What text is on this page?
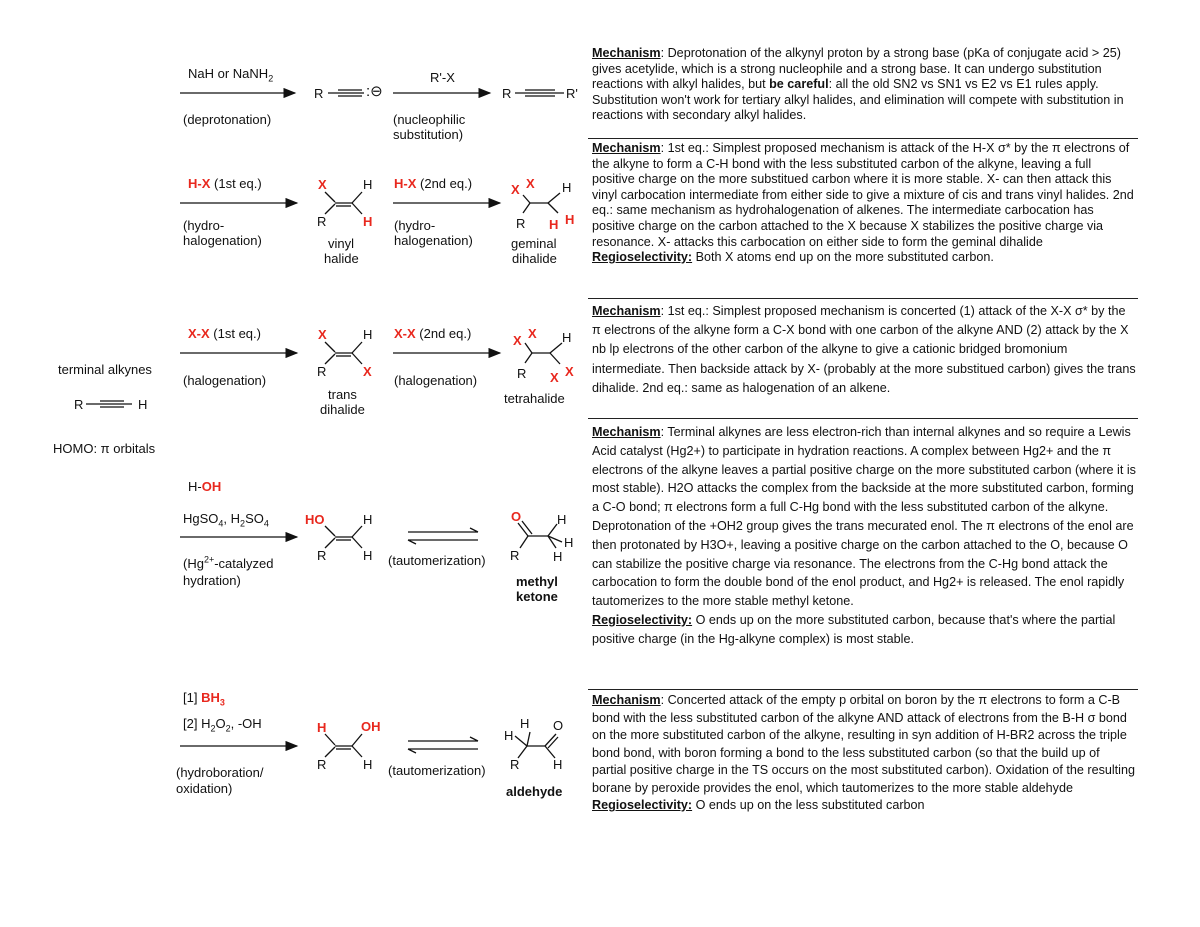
terminal alkynes
R	H
HOMO: π orbitals
NaH or NaNH$_2$
(deprotonation)
R'-X
(nucleophilic substitution)
R	:⊖	R	R'
H-X (1st eq.)
(hydro-
halogenation)
H-X (2nd eq.)
(hydro-
halogenation)
X	H
R	H
vinyl
halide
X X H
R H H
geminal
dihalide
X-X (1st eq.)
(halogenation)
X-X (2nd eq.)
(halogenation)
X	H
R	X
trans
dihalide
X X H
R X X
tetrahalide
H-OH
HgSO$_4$, $H_2SO_4$
($Hg^{2+}$-catalyzed
hydration)
HO	H
R	H (tautomerization)
O	H
H
R	H
methyl
ketone
[1] $BH_3$
[2] $H_2O_2$, -OH
(hydroboration/
oxidation)
H	OH
R	H (tautomerization)
H
H
O
R	H
aldehyde
Mechanism: Deprotonation of the alkynyl proton by a strong base (pKa of conjugate acid > 25) gives acetylide, which is a strong nucleophile and a strong base. It can undergo substitution reactions with alkyl halides, but be careful: all the old SN2 vs SN1 vs E2 vs E1 rules apply. Substitution won't work for tertiary alkyl halides, and elimination will compete with substitution in reactions with secondary alkyl halides.
Mechanism: 1st eq.: Simplest proposed mechanism is attack of the H-X σ* by the π electrons of the alkyne to form a C-H bond with the less substituted carbon of the alkyne, leaving a full positive charge on the more substitued carbon where it is more stable. X- can then attack this vinyl carbocation intermediate from either side to give a mixture of cis and trans vinyl halides. 2nd eq.: same mechanism as hydrohalogenation of alkenes. The intermediate carbocation has positive charge on the carbon attached to the X because X stabilizes the positive charge via resonance. X- attacks this carbocation on either side to form the geminal dihalide
Regioselectivity: Both X atoms end up on the more substituted carbon.
Mechanism: 1st eq.: Simplest proposed mechanism is concerted (1) attack of the X-X σ* by the π electrons of the alkyne form a C-X bond with one carbon of the alkyne AND (2) attack by the X nb lp electrons of the other carbon of the alkyne to give a cationic bridged bromonium intermediate. Then backside attack by X- (probably at the more substitued carbon) gives the trans dihalide. 2nd eq.: same as halogenation of an alkene.
Mechanism: Terminal alkynes are less electron-rich than internal alkynes and so require a Lewis Acid catalyst (Hg2+) to participate in hydration reactions. A complex between Hg2+ and the π electrons of the alkyne leaves a partial positive charge on the more substituted carbon (where it is most stable). H2O attacks the complex from the backside at the more substituted carbon, forming a C-O bond; π electrons form a full C-Hg bond with the less substituted carbon of the alkyne. Deprotonation of the +OH2 group gives the trans mecurated enol. The π electrons of the enol are then protonated by H3O+, leaving a positive charge on the carbon attached to the O, because O can stabilize the positive charge via resonance. The electrons from the C-Hg bond attack the carbocation to form the double bond of the enol product, and Hg2+ is released. The enol rapidly tautomerizes to the more stable methyl ketone.
Regioselectivity: O ends up on the more substituted carbon, because that's where the partial positive charge (in the Hg-alkyne complex) is most stable.
Mechanism: Concerted attack of the empty p orbital on boron by the π electrons to form a C-B bond with the less substituted carbon of the alkyne AND attack of electrons from the B-H σ bond on the more substituted carbon of the alkyne, resulting in syn addition of H-BR2 across the triple bond bond, with boron forming a bond to the less substituted carbon (so that the build up of partial positive charge in the TS occurs on the most substituted carbon). Oxidation of the resulting borane by peroxide provides the enol, which tautomerizes to the more stable aldehyde
Regioselectivity: O ends up on the less substituted carbon
